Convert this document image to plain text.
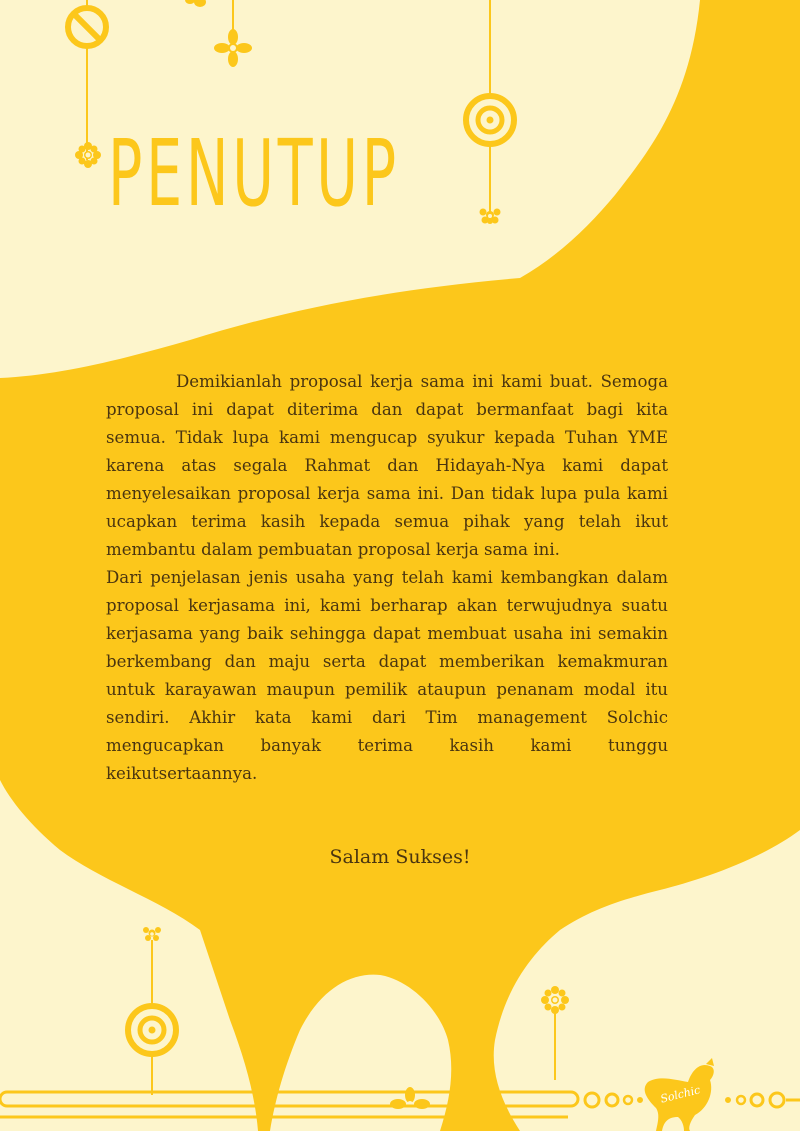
PENUTUP

Demikianlah proposal kerja sama ini kami buat. Semoga proposal ini dapat diterima dan dapat bermanfaat bagi kita semua. Tidak lupa kami mengucap syukur kepada Tuhan YME karena atas segala Rahmat dan Hidayah-Nya kami dapat menyelesaikan proposal kerja sama ini. Dan tidak lupa pula kami ucapkan terima kasih kepada semua pihak yang telah ikut membantu dalam pembuatan proposal kerja sama ini.

Dari penjelasan jenis usaha yang telah kami kembangkan dalam proposal kerjasama ini, kami berharap akan terwujudnya suatu kerjasama yang baik sehingga dapat membuat usaha ini semakin berkembang dan maju serta dapat memberikan kemakmuran untuk karayawan maupun pemilik ataupun penanam modal itu sendiri. Akhir kata kami dari Tim management Solchic mengucapkan banyak terima kasih kami tunggu keikutsertaannya.

Salam Sukses!

Solchic
